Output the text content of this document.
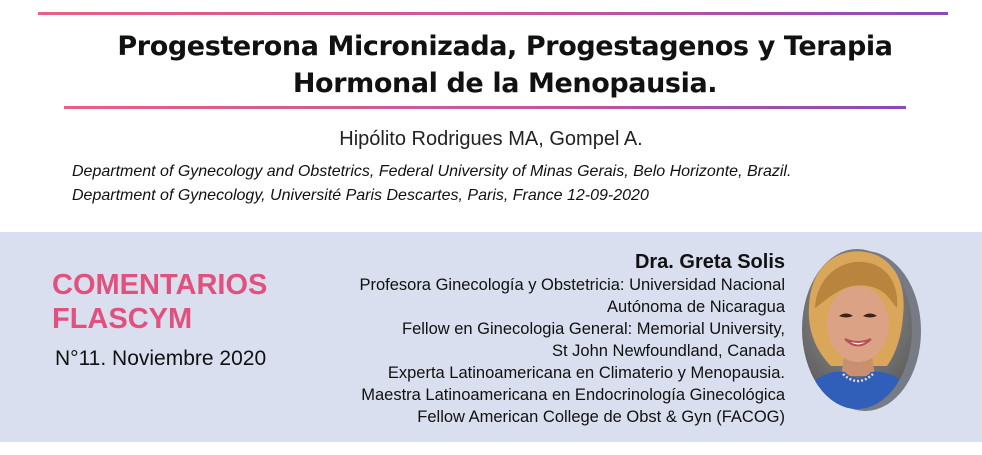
Progesterona Micronizada, Progestagenos y Terapia
Hormonal de la Menopausia.
Hipólito Rodrigues MA, Gompel A.
Department of Gynecology and Obstetrics, Federal University of Minas Gerais, Belo Horizonte, Brazil.
Department of Gynecology, Université Paris Descartes, Paris, France 12-09-2020
COMENTARIOS
FLASCYM
N°11. Noviembre 2020
Dra. Greta Solis
Profesora Ginecología y Obstetricia: Universidad Nacional
Autónoma de Nicaragua
Fellow en Ginecologia General: Memorial University,
St John Newfoundland, Canada
Experta Latinoamericana en Climaterio y Menopausia.
Maestra Latinoamericana en Endocrinología Ginecológica
Fellow American College de Obst & Gyn (FACOG)
